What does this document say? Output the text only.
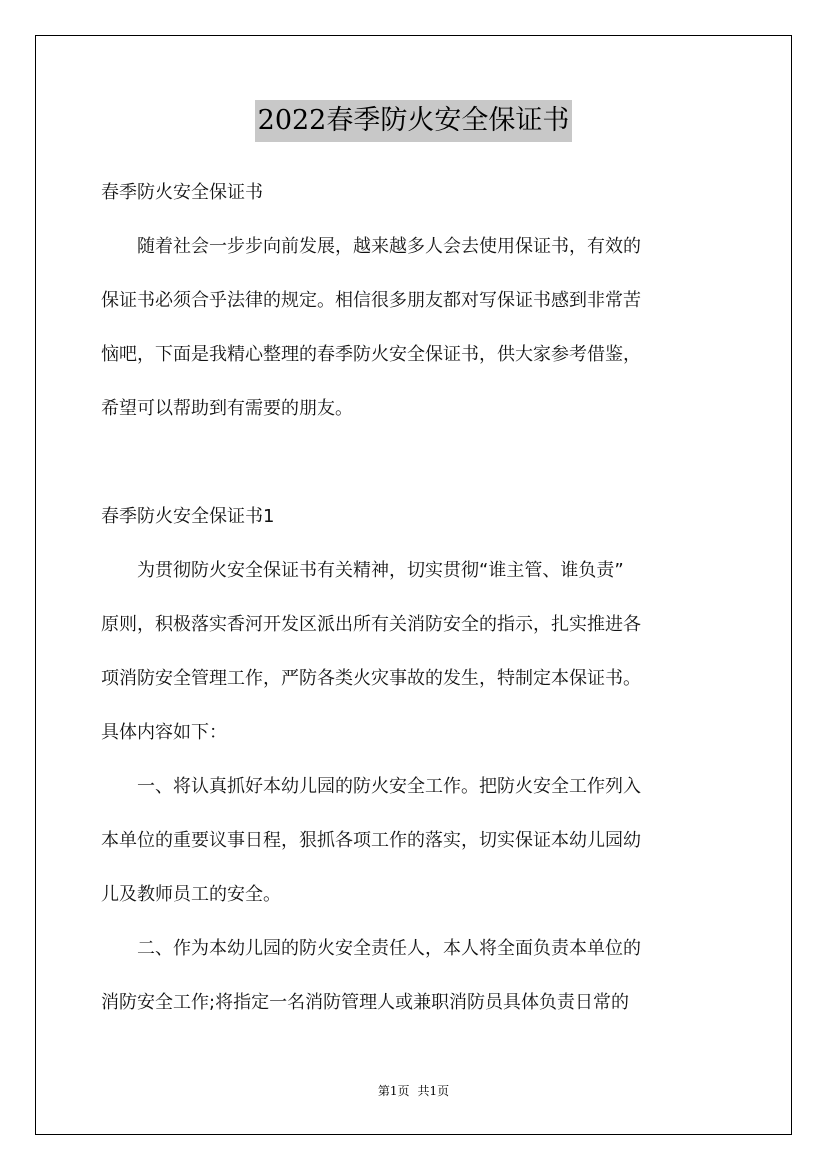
2022春季防火安全保证书
春季防火安全保证书
　　随着社会一步步向前发展，越来越多人会去使用保证书，有效的
保证书必须合乎法律的规定。相信很多朋友都对写保证书感到非常苦
恼吧，下面是我精心整理的春季防火安全保证书，供大家参考借鉴，
希望可以帮助到有需要的朋友。
春季防火安全保证书1
　　为贯彻防火安全保证书有关精神，切实贯彻“谁主管、谁负责”
原则，积极落实香河开发区派出所有关消防安全的指示，扎实推进各
项消防安全管理工作，严防各类火灾事故的发生，特制定本保证书。
具体内容如下：
　　一、将认真抓好本幼儿园的防火安全工作。把防火安全工作列入
本单位的重要议事日程，狠抓各项工作的落实，切实保证本幼儿园幼
儿及教师员工的安全。
　　二、作为本幼儿园的防火安全责任人，本人将全面负责本单位的
消防安全工作;将指定一名消防管理人或兼职消防员具体负责日常的
第1页 共1页
